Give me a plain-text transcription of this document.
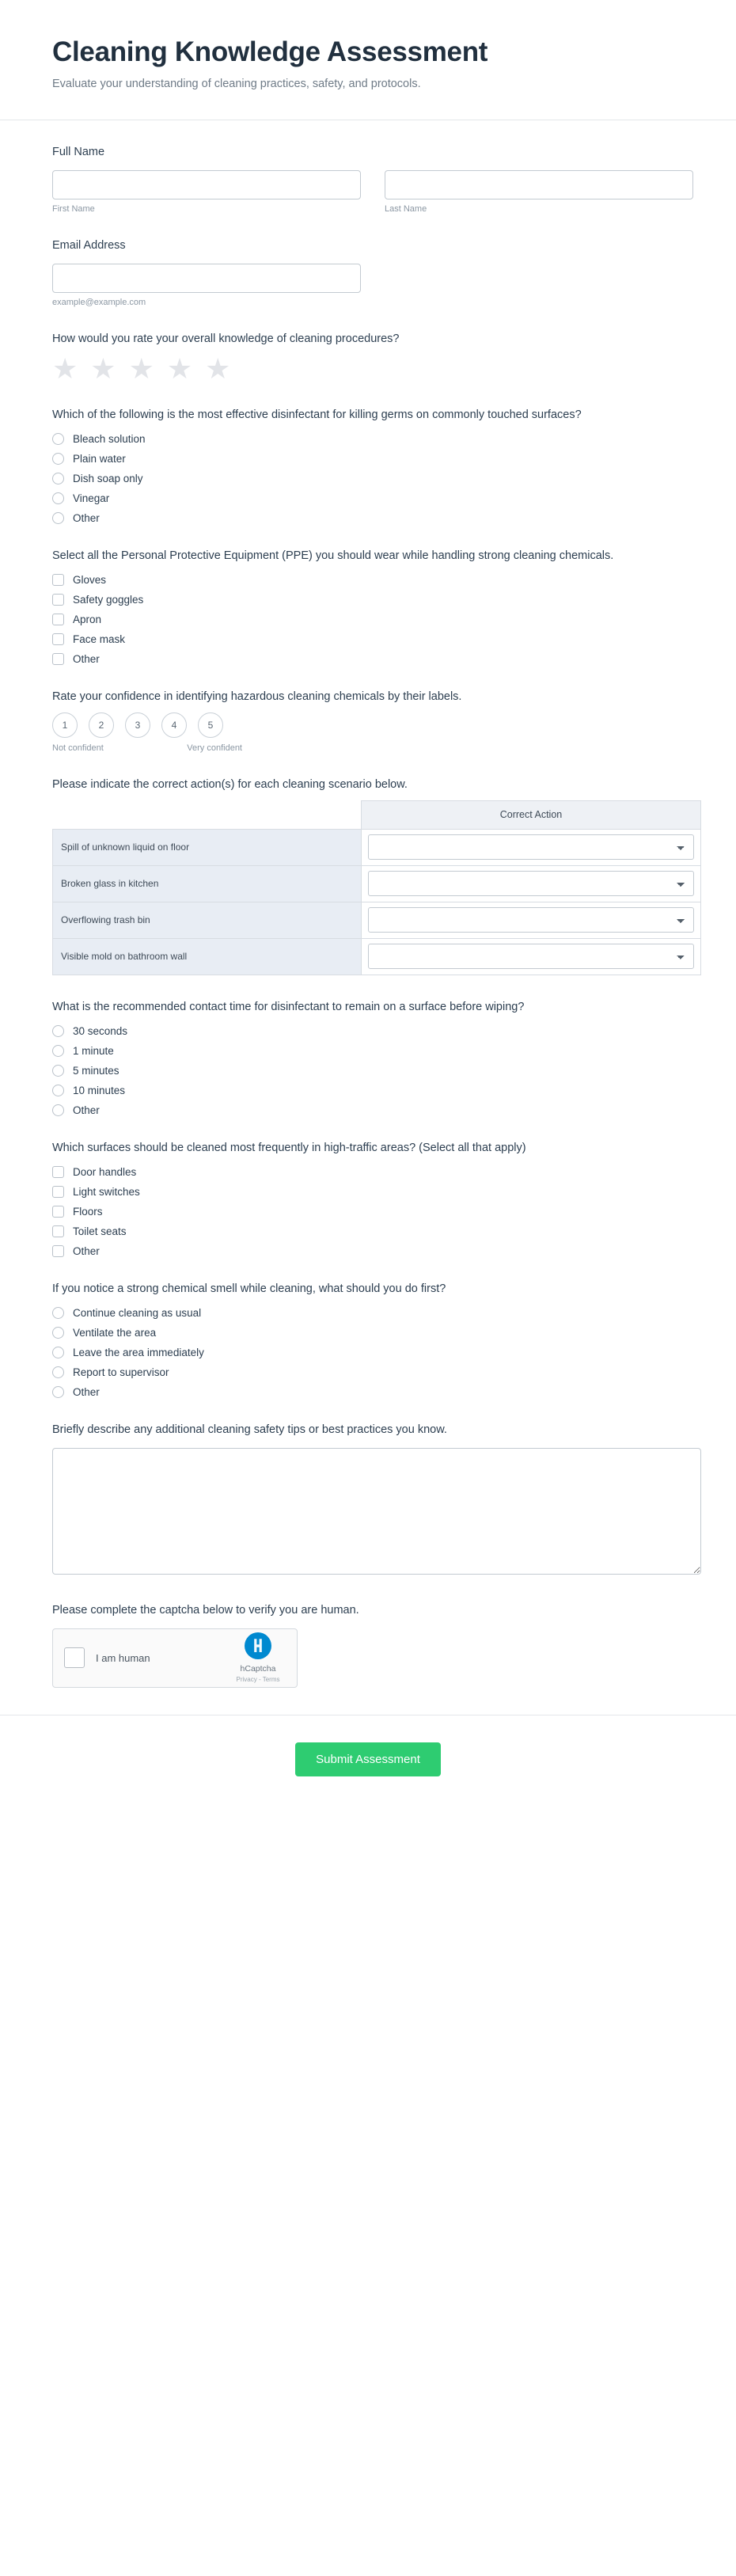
Cleaning Knowledge Assessment

Evaluate your understanding of cleaning practices, safety, and protocols.

Full Name
First Name	Last Name
Email Address
example@example.com
How would you rate your overall knowledge of cleaning procedures?
★ ★ ★ ★ ★
Which of the following is the most effective disinfectant for killing germs on commonly touched surfaces?
Bleach solution
Plain water
Dish soap only
Vinegar
Other
Select all the Personal Protective Equipment (PPE) you should wear while handling strong cleaning chemicals.
Gloves
Safety goggles
Apron
Face mask
Other
Rate your confidence in identifying hazardous cleaning chemicals by their labels.
1	2	3	4	5
Not confident	Very confident
Please indicate the correct action(s) for each cleaning scenario below.
	Correct Action
Spill of unknown liquid on floor	

Broken glass in kitchen	

Overflowing trash bin	

Visible mold on bathroom wall	
What is the recommended contact time for disinfectant to remain on a surface before wiping?
30 seconds
1 minute
5 minutes
10 minutes
Other
Which surfaces should be cleaned most frequently in high-traffic areas? (Select all that apply)
Door handles
Light switches
Floors
Toilet seats
Other
If you notice a strong chemical smell while cleaning, what should you do first?
Continue cleaning as usual
Ventilate the area
Leave the area immediately
Report to supervisor
Other
Briefly describe any additional cleaning safety tips or best practices you know.
Please complete the captcha below to verify you are human.
I am human
hCaptcha
Privacy - Terms
Submit Assessment
